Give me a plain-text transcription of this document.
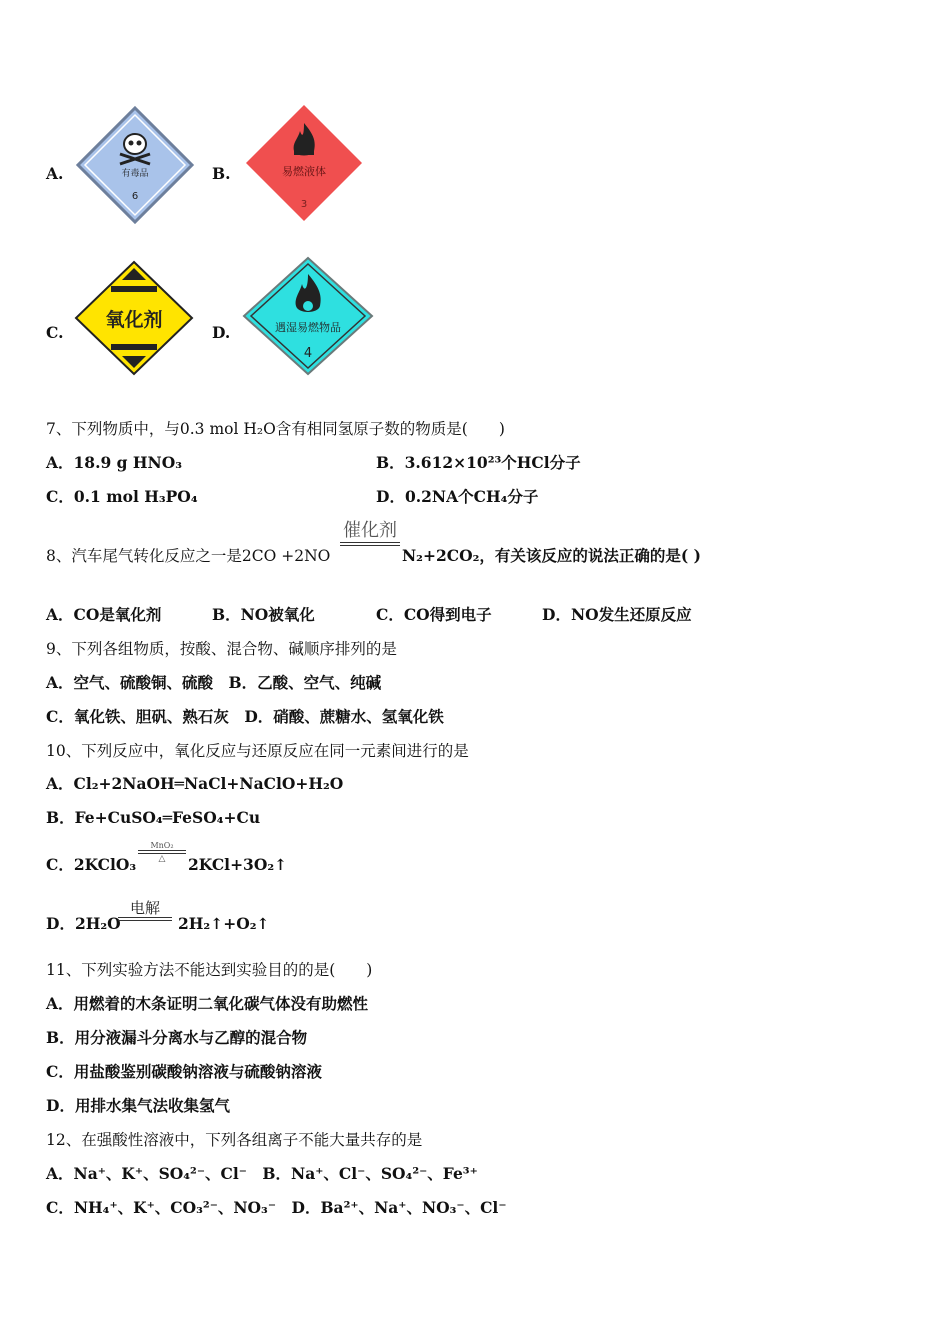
A.	有毒品
6
B.	易燃液体
3
C.
氧化剂
D.	遇湿易燃物品
4
7、下列物质中，与0.3 mol H₂O含有相同氢原子数的物质是(　　)
A．18.9 g HNO₃	B．3.612×10²³个HCl分子
C．0.1 mol H₃PO₄	D．0.2NA个CH₄分子
8、汽车尾气转化反应之一是2CO +2NO
催化剂
N₂+2CO₂，有关该反应的说法正确的是( )
A．CO是氧化剂	B．NO被氧化	C．CO得到电子	D．NO发生还原反应
9、下列各组物质，按酸、混合物、碱顺序排列的是
A．空气、硫酸铜、硫酸　B．乙酸、空气、纯碱
C．氧化铁、胆矾、熟石灰　D．硝酸、蔗糖水、氢氧化铁
10、下列反应中，氧化反应与还原反应在同一元素间进行的是
A．Cl₂+2NaOH═NaCl+NaClO+H₂O
B．Fe+CuSO₄═FeSO₄+Cu
C．2KClO₃
MnO₂
△	2KCl+3O₂↑
D．2H₂O
电解
2H₂↑+O₂↑
11、下列实验方法不能达到实验目的的是(　　)
A．用燃着的木条证明二氧化碳气体没有助燃性
B．用分液漏斗分离水与乙醇的混合物
C．用盐酸鉴别碳酸钠溶液与硫酸钠溶液
D．用排水集气法收集氢气
12、在强酸性溶液中，下列各组离子不能大量共存的是
A．Na⁺、K⁺、SO₄²⁻、Cl⁻　B．Na⁺、Cl⁻、SO₄²⁻、Fe³⁺
C．NH₄⁺、K⁺、CO₃²⁻、NO₃⁻　D．Ba²⁺、Na⁺、NO₃⁻、Cl⁻
